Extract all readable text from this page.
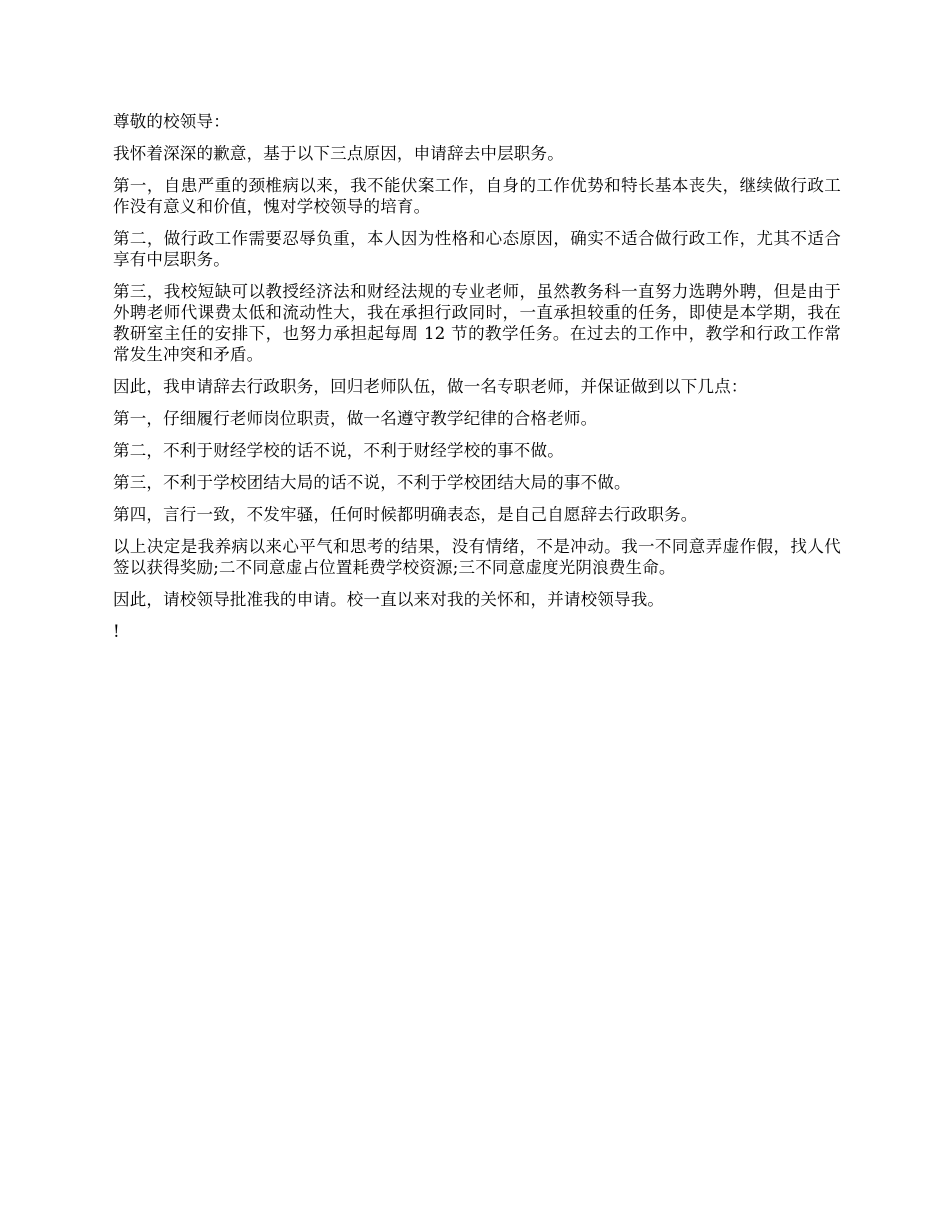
尊敬的校领导：

我怀着深深的歉意，基于以下三点原因，申请辞去中层职务。

第一，自患严重的颈椎病以来，我不能伏案工作，自身的工作优势和特长基本丧失，继续做行政工作没有意义和价值，愧对学校领导的培育。

第二，做行政工作需要忍辱负重，本人因为性格和心态原因，确实不适合做行政工作，尤其不适合享有中层职务。

第三，我校短缺可以教授经济法和财经法规的专业老师，虽然教务科一直努力选聘外聘，但是由于外聘老师代课费太低和流动性大，我在承担行政同时，一直承担较重的任务，即使是本学期，我在教研室主任的安排下，也努力承担起每周 12 节的教学任务。在过去的工作中，教学和行政工作常常发生冲突和矛盾。

因此，我申请辞去行政职务，回归老师队伍，做一名专职老师，并保证做到以下几点：

第一，仔细履行老师岗位职责，做一名遵守教学纪律的合格老师。

第二，不利于财经学校的话不说，不利于财经学校的事不做。

第三，不利于学校团结大局的话不说，不利于学校团结大局的事不做。

第四，言行一致，不发牢骚，任何时候都明确表态，是自己自愿辞去行政职务。

以上决定是我养病以来心平气和思考的结果，没有情绪，不是冲动。我一不同意弄虚作假，找人代签以获得奖励;二不同意虚占位置耗费学校资源;三不同意虚度光阴浪费生命。

因此，请校领导批准我的申请。校一直以来对我的关怀和，并请校领导我。

!
